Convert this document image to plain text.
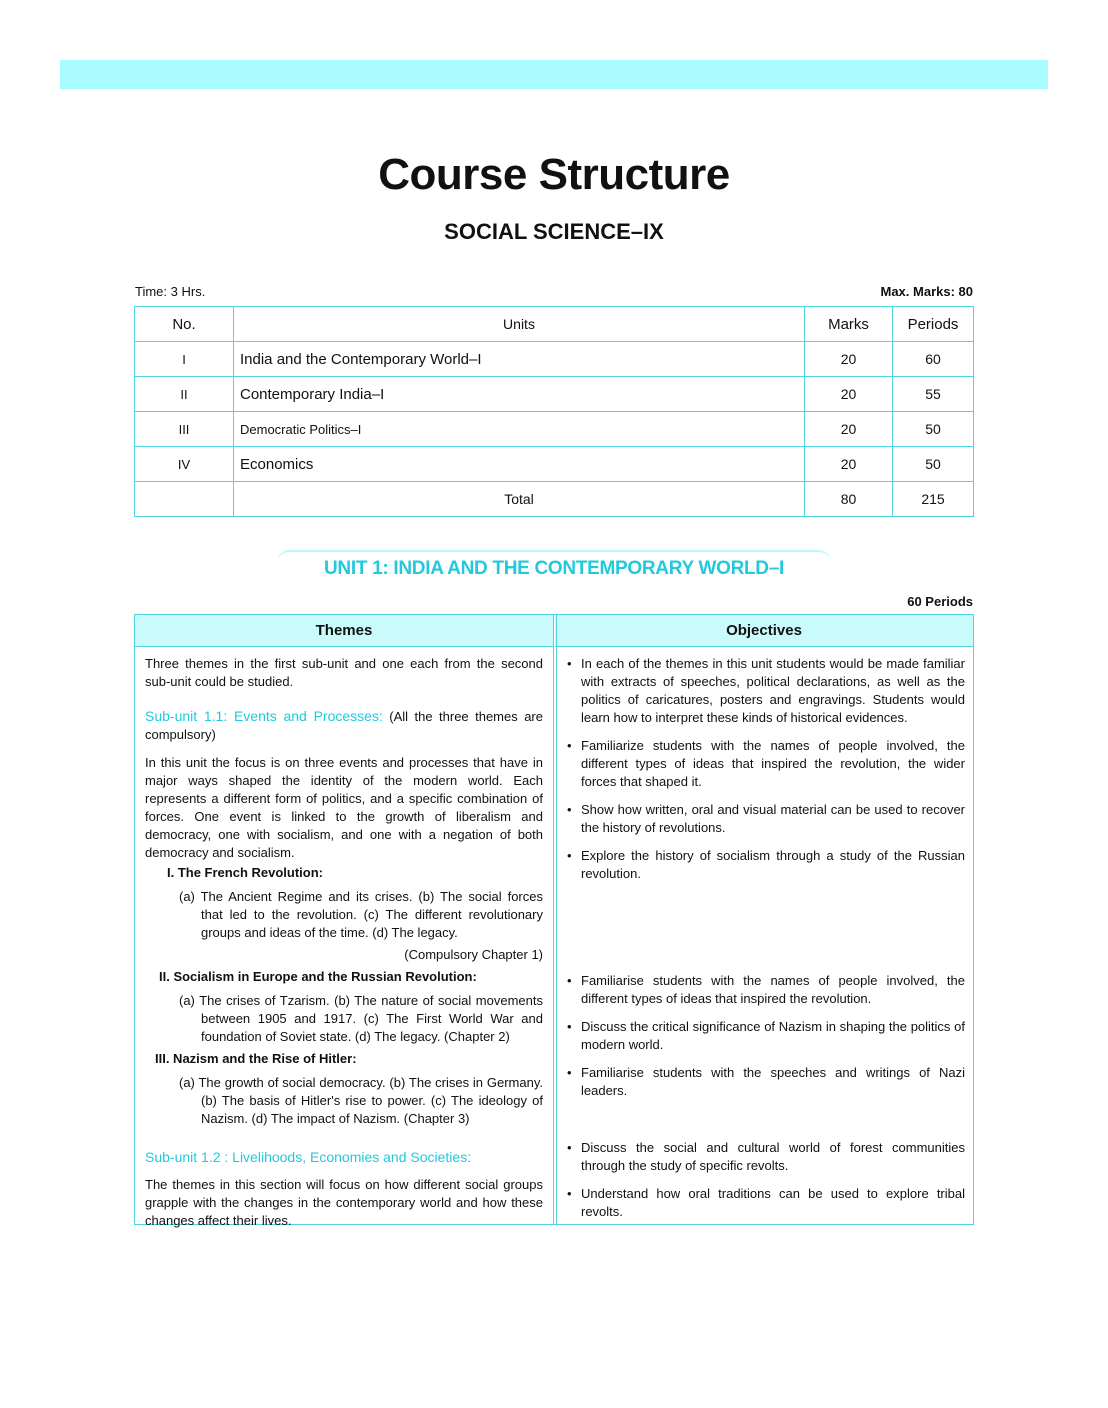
Course Structure
SOCIAL SCIENCE–IX
Time: 3 Hrs.	Max. Marks: 80
No.	Units	Marks	Periods
I	India and the Contemporary World–I	20	60
II	Contemporary India–I	20	55
III	Democratic Politics–I	20	50
IV	Economics	20	50
	Total	80	215
UNIT 1: INDIA AND THE CONTEMPORARY WORLD–I
60 Periods
Themes	Objectives

Three themes in the first sub-unit and one each from the second sub-unit could be studied.

Sub-unit 1.1: Events and Processes: (All the three themes are compulsory)

In this unit the focus is on three events and processes that have in major ways shaped the identity of the modern world. Each represents a different form of politics, and a specific combination of forces. One event is linked to the growth of liberalism and democracy, one with socialism, and one with a negation of both democracy and socialism.

I. The French Revolution:
(a) The Ancient Regime and its crises. (b) The social forces that led to the revolution. (c) The different revolutionary groups and ideas of the time. (d) The legacy.
(Compulsory Chapter 1)
II. Socialism in Europe and the Russian Revolution:
(a) The crises of Tzarism. (b) The nature of social movements between 1905 and 1917. (c) The First World War and foundation of Soviet state. (d) The legacy. (Chapter 2)
III. Nazism and the Rise of Hitler:
(a) The growth of social democracy. (b) The crises in Germany. (b) The basis of Hitler's rise to power. (c) The ideology of Nazism. (d) The impact of Nazism. (Chapter 3)

Sub-unit 1.2 : Livelihoods, Economies and Societies:

The themes in this section will focus on how different social groups grapple with the changes in the contemporary world and how these changes affect their lives.

• In each of the themes in this unit students would be made familiar with extracts of speeches, political declarations, as well as the politics of caricatures, posters and engravings. Students would learn how to interpret these kinds of historical evidences.
• Familiarize students with the names of people involved, the different types of ideas that inspired the revolution, the wider forces that shaped it.
• Show how written, oral and visual material can be used to recover the history of revolutions.
• Explore the history of socialism through a study of the Russian revolution.
• Familiarise students with the names of people involved, the different types of ideas that inspired the revolution.
• Discuss the critical significance of Nazism in shaping the politics of modern world.
• Familiarise students with the speeches and writings of Nazi leaders.
• Discuss the social and cultural world of forest communities through the study of specific revolts.
• Understand how oral traditions can be used to explore tribal revolts.
